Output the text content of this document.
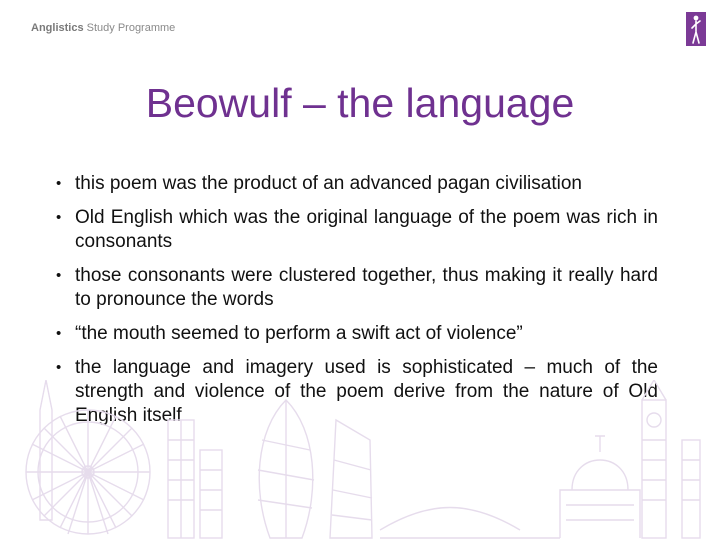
Anglistics Study Programme
Beowulf – the language
• this poem was the product of an advanced pagan civilisation
• Old English which was the original language of the poem was rich in consonants
• those consonants were clustered together, thus making it really hard to pronounce the words
• “the mouth seemed to perform a swift act of violence”
• the language and imagery used is sophisticated – much of the strength and violence of the poem derive from the nature of Old English itself
